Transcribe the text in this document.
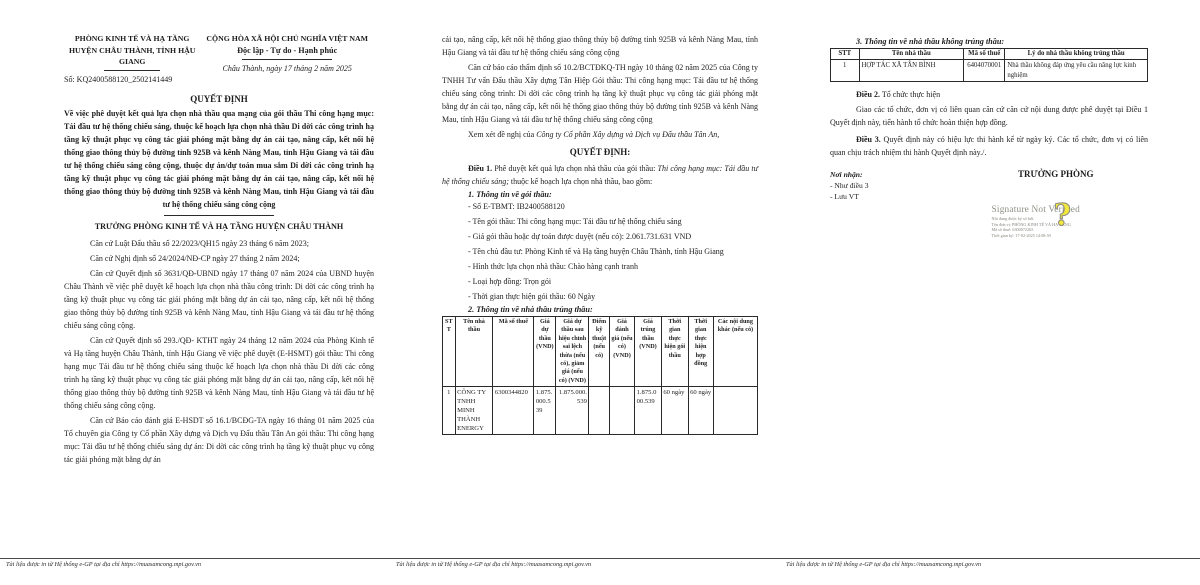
PHÒNG KINH TẾ VÀ HẠ TẦNG HUYỆN CHÂU THÀNH, TỈNH HẬU GIANG
Số: KQ2400588120_2502141449
CỘNG HÒA XÃ HỘI CHỦ NGHĨA VIỆT NAM
Độc lập - Tự do - Hạnh phúc
Châu Thành, ngày 17 tháng 2 năm 2025
QUYẾT ĐỊNH
Về việc phê duyệt kết quả lựa chọn nhà thầu qua mạng của gói thầu Thi công hạng mục: Tái đầu tư hệ thống chiếu sáng, thuộc kế hoạch lựa chọn nhà thầu Di dời các công trình hạ tầng kỹ thuật phục vụ công tác giải phóng mặt bằng dự án cải tạo, nâng cấp, kết nối hệ thống giao thông thủy bộ đường tỉnh 925B và kênh Nàng Mau, tỉnh Hậu Giang và tái đầu tư hệ thống chiếu sáng công cộng, thuộc dự án/dự toán mua sắm Di dời các công trình hạ tầng kỹ thuật phục vụ công tác giải phóng mặt bằng dự án cải tạo, nâng cấp, kết nối hệ thống giao thông thủy bộ đường tỉnh 925B và kênh Nàng Mau, tỉnh Hậu Giang và tái đầu tư hệ thống chiếu sáng công cộng
TRƯỞNG PHÒNG KINH TẾ VÀ HẠ TẦNG HUYỆN CHÂU THÀNH

Căn cứ Luật Đấu thầu số 22/2023/QH15 ngày 23 tháng 6 năm 2023;

Căn cứ Nghị định số 24/2024/NĐ-CP ngày 27 tháng 2 năm 2024;

Căn cứ Quyết định số 3631/QĐ-UBND ngày 17 tháng 07 năm 2024 của UBND huyện Châu Thành về việc phê duyệt kế hoạch lựa chọn nhà thầu công trình: Di dời các công trình hạ tầng kỹ thuật phục vụ công tác giải phóng mặt bằng dự án cải tạo, nâng cấp, kết nối hệ thống giao thông thủy bộ đường tỉnh 925B và kênh Nàng Mau, tỉnh Hậu Giang và tái đầu tư hệ thống chiếu sáng công cộng.

Căn cứ Quyết định số 293./QĐ- KTHT ngày 24 tháng 12 năm 2024 của Phòng Kinh tế và Hạ tầng huyện Châu Thành, tỉnh Hậu Giang về việc phê duyệt (E-HSMT) gói thầu: Thi công hạng mục Tái đầu tư hệ thống chiếu sáng thuộc kế hoạch lựa chọn nhà thầu Di dời các công trình hạ tầng kỹ thuật phục vụ công tác giải phóng mặt bằng dự án cải tạo, nâng cấp, kết nối hệ thống giao thông thủy bộ đường tỉnh 925B và kênh Nàng Mau, tỉnh Hậu Giang và tái đầu tư hệ thống chiếu sáng công cộng.

Căn cứ Báo cáo đánh giá E-HSDT số 16.1/BCĐG-TA ngày 16 tháng 01 năm 2025 của Tổ chuyên gia Công ty Cổ phần Xây dựng và Dịch vụ Đấu thầu Tân An gói thầu: Thi công hạng mục: Tái đầu tư hệ thống chiếu sáng dự án: Di dời các công trình hạ tầng kỹ thuật phục vụ công tác giải phóng mặt bằng dự án

Tài liệu được in từ Hệ thống e-GP tại địa chỉ https://muasamcong.mpi.gov.vn

cải tạo, nâng cấp, kết nối hệ thống giao thông thủy bộ đường tỉnh 925B và kênh Nàng Mau, tỉnh Hậu Giang và tái đầu tư hệ thống chiếu sáng công cộng

Căn cứ báo cáo thẩm định số 10.2/BCTĐKQ-TH ngày 10 tháng 02 năm 2025 của Công ty TNHH Tư vấn Đấu thầu Xây dựng Tân Hiệp Gói thầu: Thi công hạng mục: Tái đầu tư hệ thống chiếu sáng công trình: Di dời các công trình hạ tầng kỹ thuật phục vụ công tác giải phóng mặt bằng dự án cải tạo, nâng cấp, kết nối hệ thống giao thông thủy bộ đường tỉnh 925B và kênh Nàng Mau, tỉnh Hậu Giang và tái đầu tư hệ thống chiếu sáng công cộng

Xem xét đề nghị của Công ty Cổ phần Xây dựng và Dịch vụ Đấu thầu Tân An,

QUYẾT ĐỊNH:

Điều 1. Phê duyệt kết quả lựa chọn nhà thầu của gói thầu: Thi công hạng mục: Tái đầu tư hệ thống chiếu sáng; thuộc kế hoạch lựa chọn nhà thầu, bao gồm:

1. Thông tin về gói thầu:

- Số E-TBMT: IB2400588120

- Tên gói thầu: Thi công hạng mục: Tái đầu tư hệ thống chiếu sáng

- Giá gói thầu hoặc dự toán được duyệt (nếu có): 2.061.731.631 VND

- Tên chủ đầu tư: Phòng Kinh tế và Hạ tầng huyện Châu Thành, tỉnh Hậu Giang

- Hình thức lựa chọn nhà thầu: Chào hàng cạnh tranh

- Loại hợp đồng: Trọn gói

- Thời gian thực hiện gói thầu: 60 Ngày

2. Thông tin về nhà thầu trúng thầu:
STT	Tên nhà thầu	Mã số thuế	Giá dự thầu (VND)	Giá dự thầu sau hiệu chỉnh sai lệch thừa (nếu có), giảm giá (nếu có) (VND)	Điểm kỹ thuật (nếu có)	Giá đánh giá (nếu có) (VND)	Giá trúng thầu (VND)	Thời gian thực hiện gói thầu	Thời gian thực hiện hợp đồng	Các nội dung khác (nếu có)
1	CÔNG TY TNHH MINH THÀNH ENERGY	6300344820	1.875.000.539	1.875.000.539			1.875.000.539	60 ngày	60 ngày	
Tài liệu được in từ Hệ thống e-GP tại địa chỉ https://muasamcong.mpi.gov.vn
3. Thông tin về nhà thầu không trúng thầu:
STT	Tên nhà thầu	Mã số thuế	Lý do nhà thầu không trúng thầu
1	HỢP TÁC XÃ TÂN BÌNH	6404070001	Nhà thầu không đáp ứng yêu cầu năng lực kinh nghiệm

Điều 2. Tổ chức thực hiện

Giao các tổ chức, đơn vị có liên quan căn cứ căn cứ nội dung được phê duyệt tại Điều 1 Quyết định này, tiến hành tổ chức hoàn thiện hợp đồng.

Điều 3. Quyết định này có hiệu lực thi hành kể từ ngày ký. Các tổ chức, đơn vị có liên quan chịu trách nhiệm thi hành Quyết định này./.

Nơi nhận:

- Như điều 3

- Lưu VT

TRƯỞNG PHÒNG
Signature Not Verified
Nội dung được ký số bởi:
Tên đơn vị: PHÒNG KINH TẾ VÀ HẠ TẦNG
Mã số thuế: 6300072265
Thời gian ký: 17-02-2025 14:08:59
?
Tài liệu được in từ Hệ thống e-GP tại địa chỉ https://muasamcong.mpi.gov.vn
